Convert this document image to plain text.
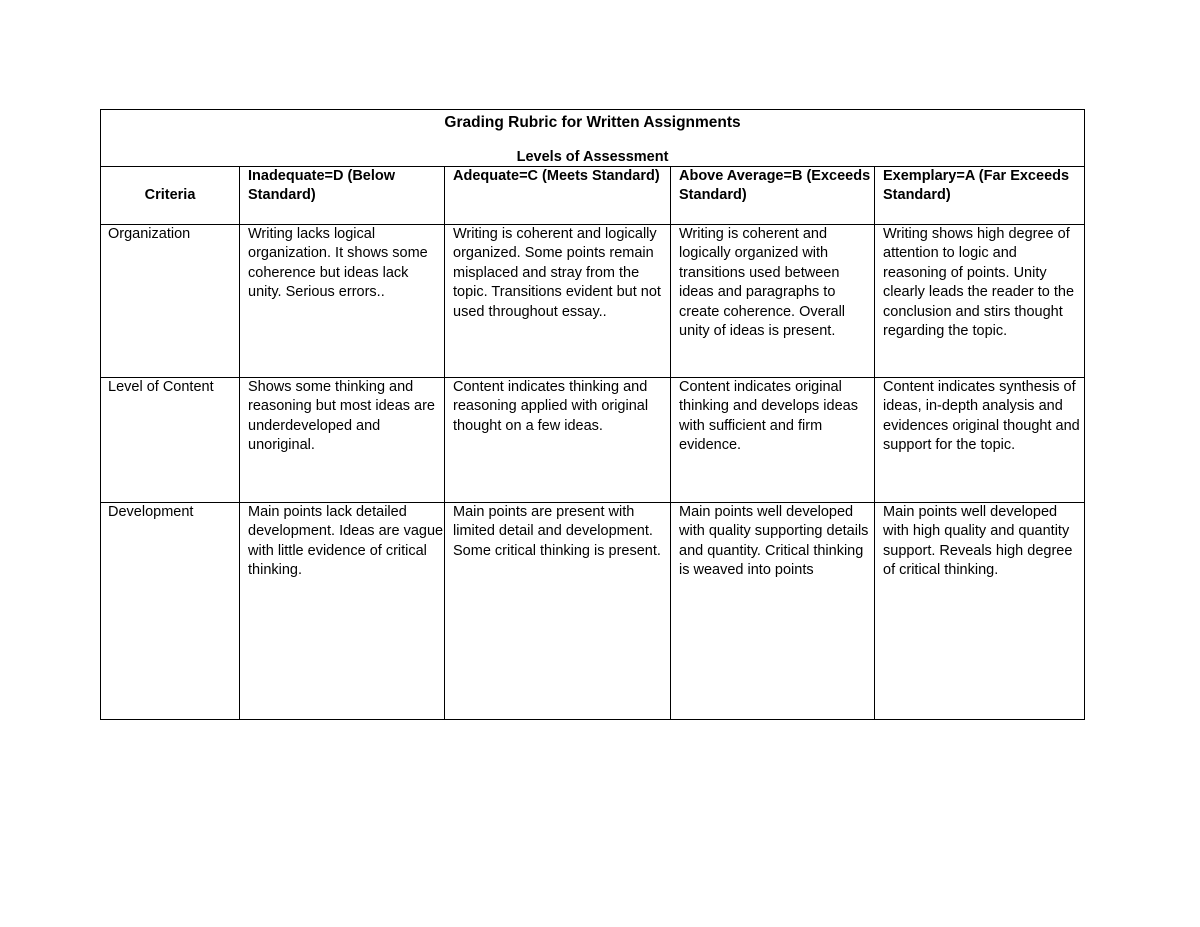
Grading Rubric for Written Assignments
Levels of Assessment				

Criteria	Inadequate=D (Below Standard)	Adequate=C (Meets Standard)	Above Average=B (Exceeds Standard)	Exemplary=A (Far Exceeds Standard)
Organization	Writing lacks logical organization. It shows some coherence but ideas lack unity. Serious errors..	Writing is coherent and logically organized. Some points remain misplaced and stray from the topic. Transitions evident but not used throughout essay..	Writing is coherent and logically organized with transitions used between ideas and paragraphs to create coherence. Overall unity of ideas is present.	Writing shows high degree of attention to logic and reasoning of points. Unity clearly leads the reader to the conclusion and stirs thought regarding the topic.
Level of Content	Shows some thinking and reasoning but most ideas are underdeveloped and unoriginal.	Content indicates thinking and reasoning applied with original thought on a few ideas.	Content indicates original thinking and develops ideas with sufficient and firm evidence.	Content indicates synthesis of ideas, in-depth analysis and evidences original thought and support for the topic.
Development	Main points lack detailed development. Ideas are vague with little evidence of critical thinking.	Main points are present with limited detail and development. Some critical thinking is present.	Main points well developed with quality supporting details and quantity. Critical thinking is weaved into points	Main points well developed with high quality and quantity support. Reveals high degree of critical thinking.
